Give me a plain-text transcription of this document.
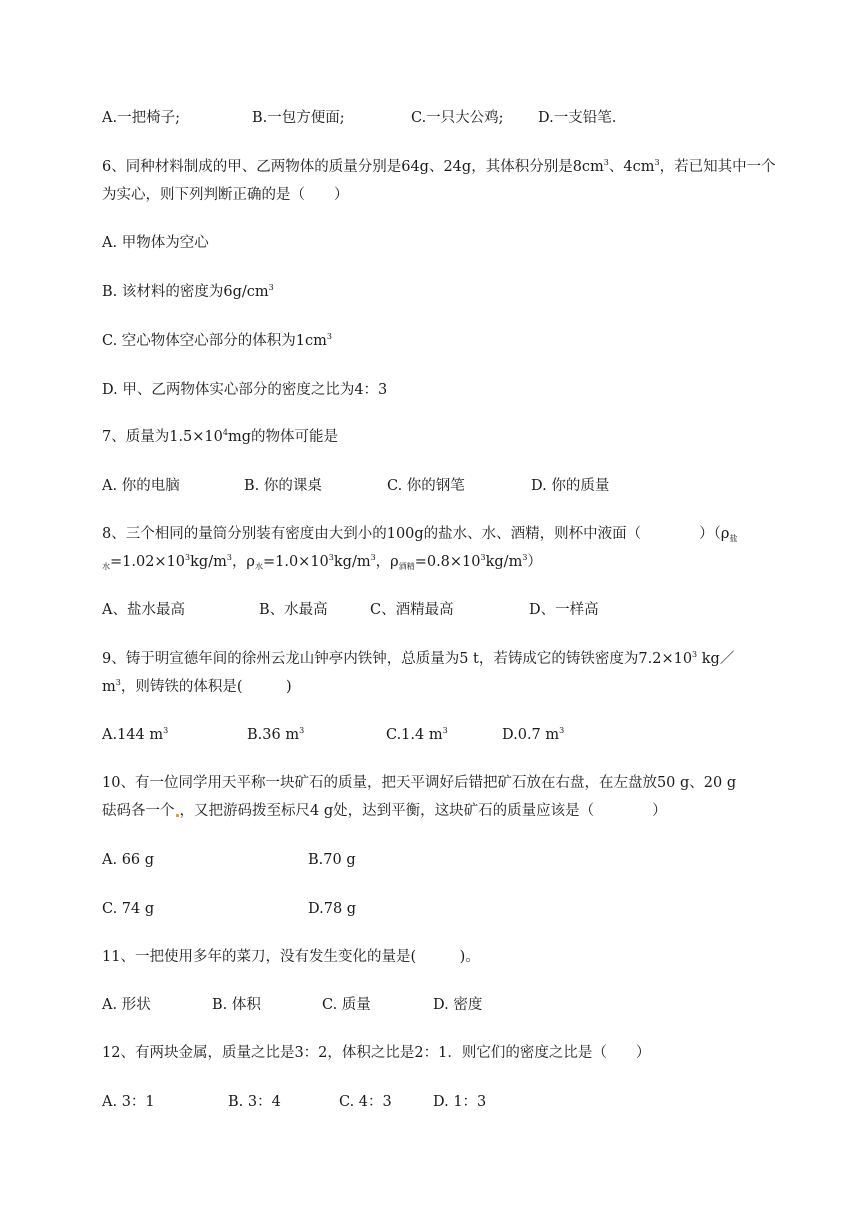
A.一把椅子;	B.一包方便面;	C.一只大公鸡; D.一支铅笔.
6、同种材料制成的甲、乙两物体的质量分别是64g、24g，其体积分别是$8cm^3$、$4cm^3$，若已知其中一个
为实心，则下列判断正确的是（　　）
A. 甲物体为空心
B. 该材料的密度为$6g/cm^3$
C. 空心物体空心部分的体积为$1cm^3$
D. 甲、乙两物体实心部分的密度之比为4：3
7、质量为$1.5\times 10^4mg$的物体可能是
A. 你的电脑	B. 你的课桌	C. 你的钢笔	D. 你的质量
8、三个相同的量筒分别装有密度由大到小的100g的盐水、水、酒精，则杯中液面（　　　　）（$\rho_盐$
$_水=1.02\times 10^3kg/m^3$，$\rho_水=1.0\times 10^3kg/m^3$，$\rho_{酒精}=0.8\times 10^3kg/m^3$）
A、盐水最高	B、水最高	C、酒精最高	D、一样高
9、铸于明宣德年间的徐州云龙山钟亭内铁钟，总质量为5 t，若铸成它的铸铁密度为$7.2\times 10^3$ kg／
$m^3$，则铸铁的体积是(　　　)
A.144 $m^3$	B.36 $m^3$	C.1.4 $m^3$	D.0.7 $m^3$
10、有一位同学用天平称一块矿石的质量，把天平调好后错把矿石放在右盘，在左盘放50 g、20 g
砝码各一个 ，又把游码拨至标尺4 g处，达到平衡，这块矿石的质量应该是（　　　　）
A. 66 g	B.70 g
C. 74 g	D.78 g
11、一把使用多年的菜刀，没有发生变化的量是(　　　)。
A. 形状	B. 体积	C. 质量	D. 密度
12、有两块金属，质量之比是3：2，体积之比是2：1．则它们的密度之比是（　　）
A. 3：1	B. 3：4	C. 4：3	D. 1：3
